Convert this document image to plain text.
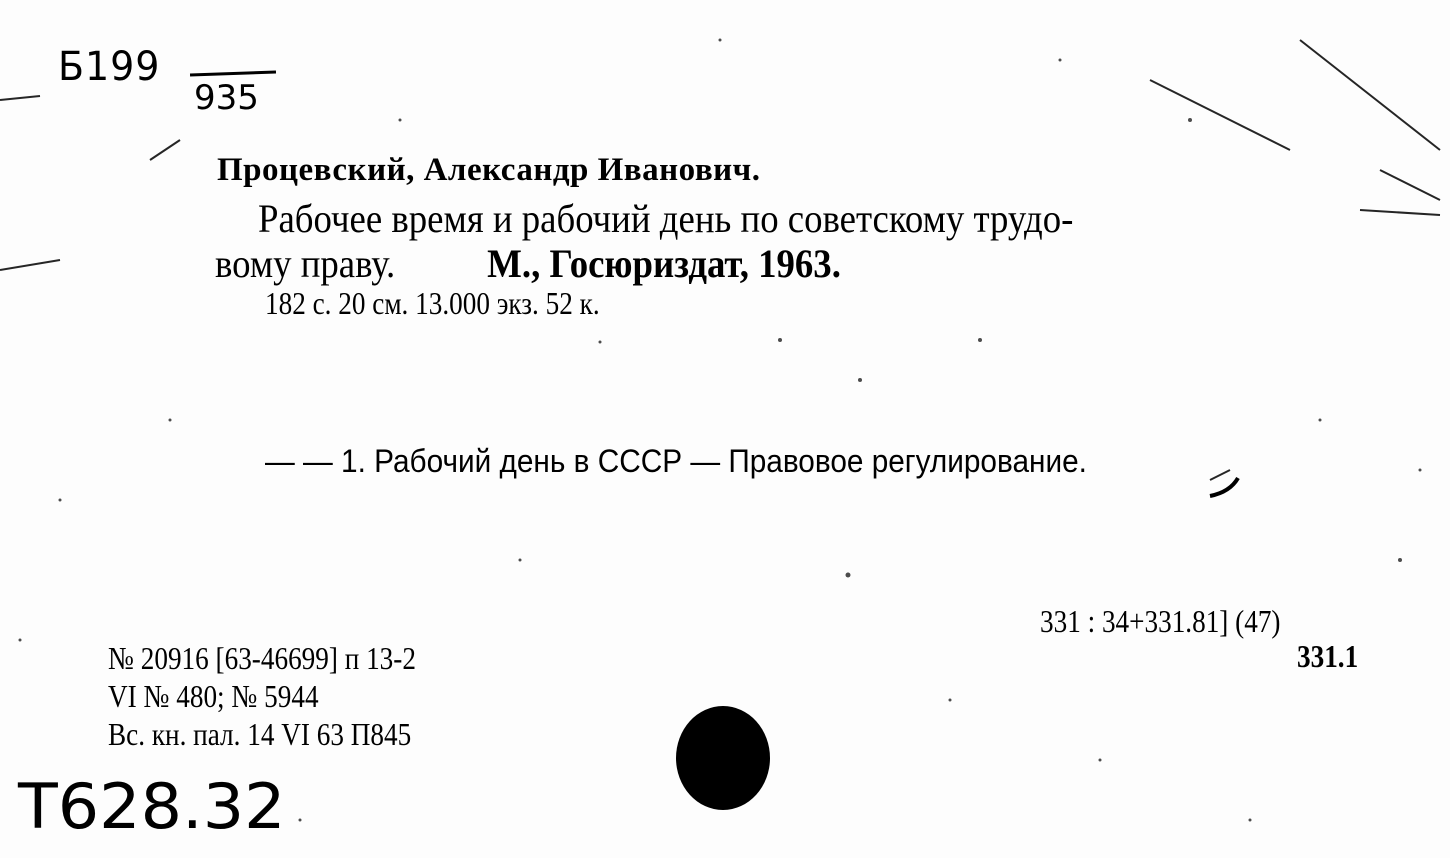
Б199
935
Процевский, Александр Иванович.
Рабочее время и рабочий день по советскому трудо-
вому праву. М., Госюриздат, 1963.
182 с. 20 см. 13.000 экз. 52 к.
— — 1. Рабочий день в СССР — Правовое регулирование.
331 : 34+331.81] (47)
331.1
№ 20916 [63-46699] п 13-2
VI № 480; № 5944
Вс. кн. пал. 14 VI 63 П845
Т628.32
